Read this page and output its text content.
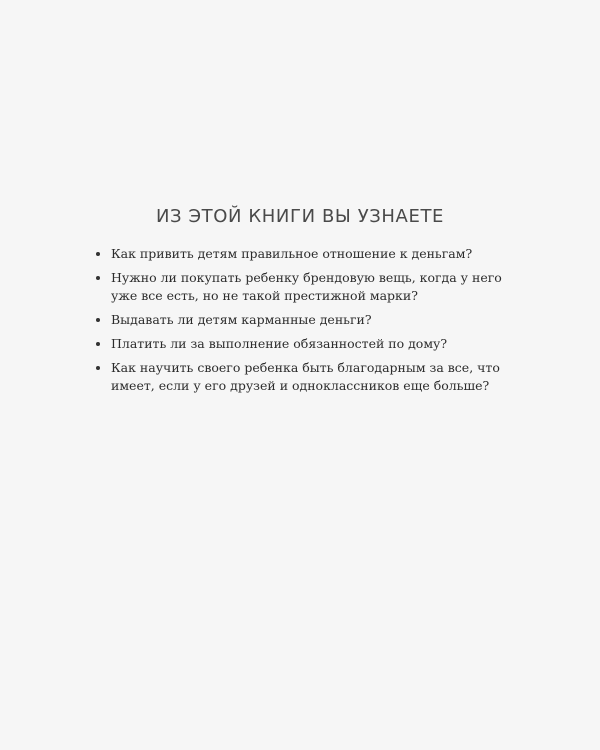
ИЗ ЭТОЙ КНИГИ ВЫ УЗНАЕТЕ
Как привить детям правильное отношение к деньгам?
Нужно ли покупать ребенку брендовую вещь, когда у него уже все есть, но не такой престижной марки?
Выдавать ли детям карманные деньги?
Платить ли за выполнение обязанностей по дому?
Как научить своего ребенка быть благодарным за все, что имеет, если у его друзей и одноклассников еще больше?
